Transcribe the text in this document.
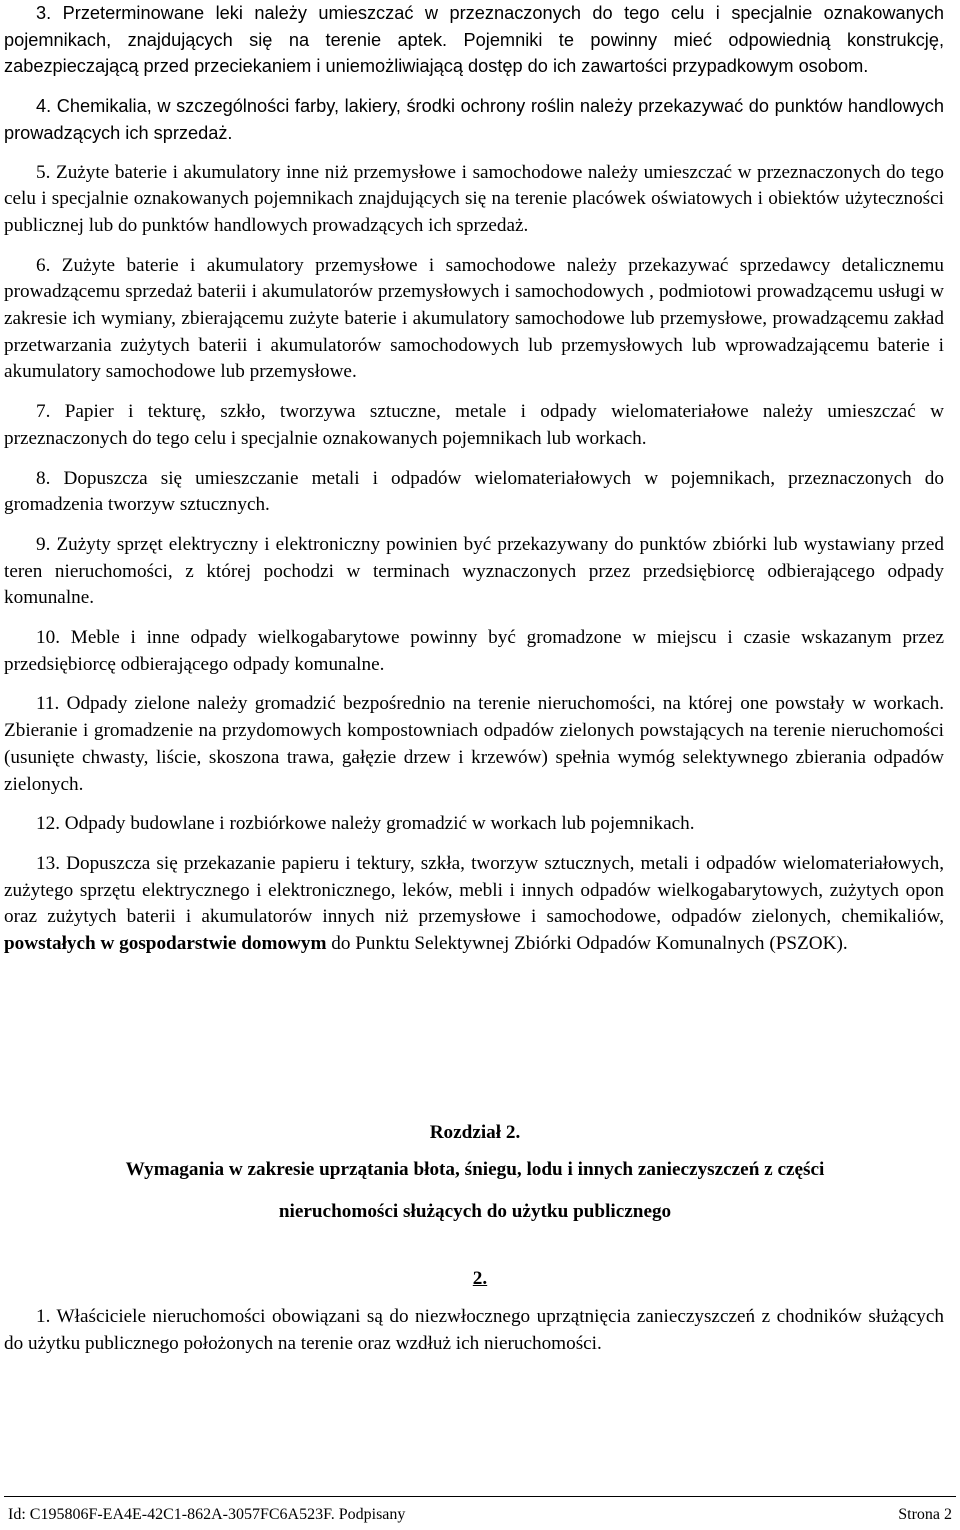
3. Przeterminowane leki należy umieszczać w przeznaczonych do tego celu i specjalnie oznakowanych pojemnikach, znajdujących się na terenie aptek. Pojemniki te powinny mieć odpowiednią konstrukcję, zabezpieczającą przed przeciekaniem i uniemożliwiającą dostęp do ich zawartości przypadkowym osobom.

4. Chemikalia, w szczególności farby, lakiery, środki ochrony roślin należy przekazywać do punktów handlowych prowadzących ich sprzedaż.

5. Zużyte baterie i akumulatory inne niż przemysłowe i samochodowe należy umieszczać w przeznaczonych do tego celu i specjalnie oznakowanych pojemnikach znajdujących się na terenie placówek oświatowych i obiektów użyteczności publicznej lub do punktów handlowych prowadzących ich sprzedaż.

6. Zużyte baterie i akumulatory przemysłowe i samochodowe należy przekazywać sprzedawcy detalicznemu prowadzącemu sprzedaż baterii i akumulatorów przemysłowych i samochodowych , podmiotowi prowadzącemu usługi w zakresie ich wymiany, zbierającemu zużyte baterie i akumulatory samochodowe lub przemysłowe, prowadzącemu zakład przetwarzania zużytych baterii i akumulatorów samochodowych lub przemysłowych lub wprowadzającemu baterie i akumulatory samochodowe lub przemysłowe.

7. Papier i tekturę, szkło, tworzywa sztuczne, metale i odpady wielomateriałowe należy umieszczać w przeznaczonych do tego celu i specjalnie oznakowanych pojemnikach lub workach.

8. Dopuszcza się umieszczanie metali i odpadów wielomateriałowych w pojemnikach, przeznaczonych do gromadzenia tworzyw sztucznych.

9. Zużyty sprzęt elektryczny i elektroniczny powinien być przekazywany do punktów zbiórki lub wystawiany przed teren nieruchomości, z której pochodzi w terminach wyznaczonych przez przedsiębiorcę odbierającego odpady komunalne.

10. Meble i inne odpady wielkogabarytowe powinny być gromadzone w miejscu i czasie wskazanym przez przedsiębiorcę odbierającego odpady komunalne.

11. Odpady zielone należy gromadzić bezpośrednio na terenie nieruchomości, na której one powstały w workach. Zbieranie i gromadzenie na przydomowych kompostowniach odpadów zielonych powstających na terenie nieruchomości (usunięte chwasty, liście, skoszona trawa, gałęzie drzew i krzewów) spełnia wymóg selektywnego zbierania odpadów zielonych.

12. Odpady budowlane i rozbiórkowe należy gromadzić w workach lub pojemnikach.

13. Dopuszcza się przekazanie papieru i tektury, szkła, tworzyw sztucznych, metali i odpadów wielomateriałowych, zużytego sprzętu elektrycznego i elektronicznego, leków, mebli i innych odpadów wielkogabarytowych, zużytych opon oraz zużytych baterii i akumulatorów innych niż przemysłowe i samochodowe, odpadów zielonych, chemikaliów, powstałych w gospodarstwie domowym do Punktu Selektywnej Zbiórki Odpadów Komunalnych (PSZOK).

Rozdział 2.
Wymagania w zakresie uprzątania błota, śniegu, lodu i innych zanieczyszczeń z części
nieruchomości służących do użytku publicznego
2.

1. Właściciele nieruchomości obowiązani są do niezwłocznego uprzątnięcia zanieczyszczeń z chodników służących do użytku publicznego położonych na terenie oraz wzdłuż ich nieruchomości.

Id: C195806F-EA4E-42C1-862A-3057FC6A523F. Podpisany	Strona 2
